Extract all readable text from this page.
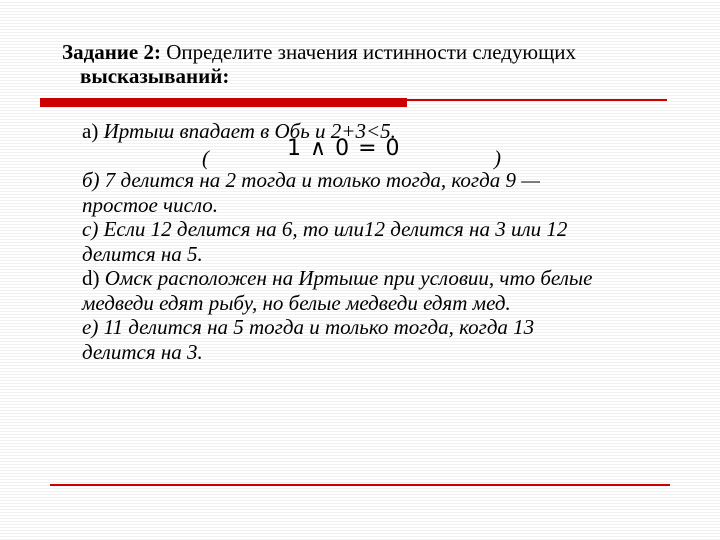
Задание 2: Определите значения истинности следующих
высказываний:

а) Иртыш впадает в Обь и 2+3<5.

(	1 ∧ 0 = 0	)

б) 7 делится на 2 тогда и только тогда, когда 9 —

простое число.

с) Если 12 делится на 6, то или12 делится на 3 или 12

делится на 5.

d) Омск расположен на Иртыше при условии, что белые

медведи едят рыбу, но белые медведи едят мед.

е) 11 делится на 5 тогда и только тогда, когда 13

делится на 3.
